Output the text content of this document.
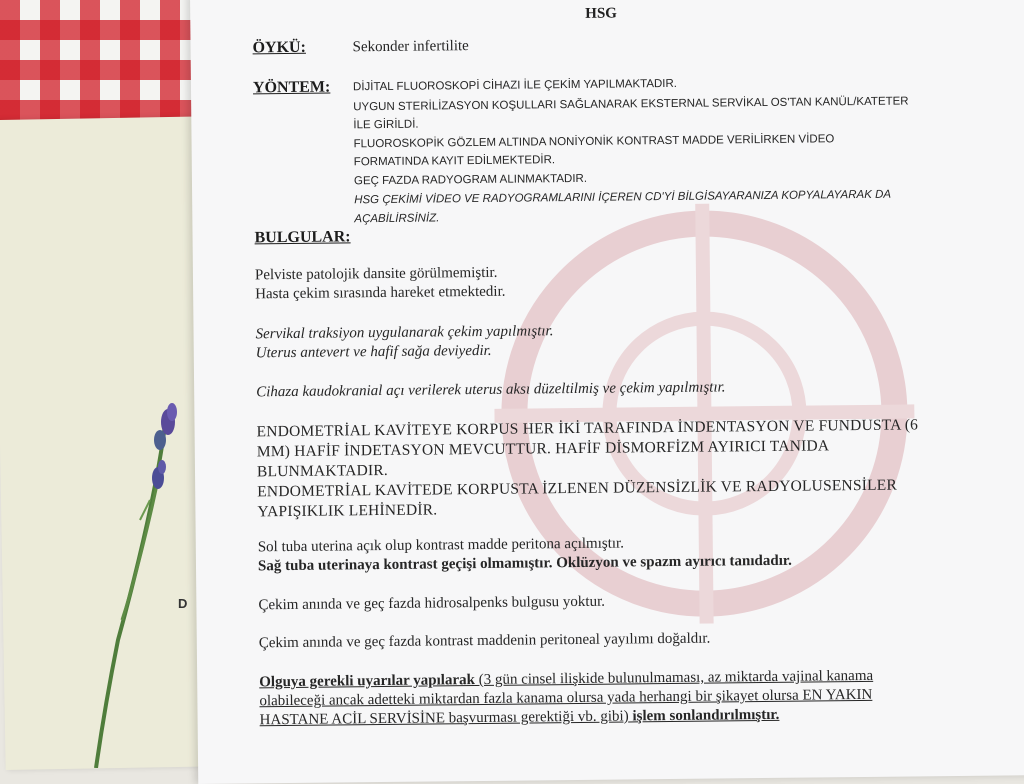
D
HSG
ÖYKÜ:	Sekonder infertilite
YÖNTEM: DİJİTAL FLUOROSKOPİ CİHAZI İLE ÇEKİM YAPILMAKTADIR.
UYGUN STERİLİZASYON KOŞULLARI SAĞLANARAK EKSTERNAL SERVİKAL OS'TAN KANÜL/KATETER
İLE GİRİLDİ.
FLUOROSKOPİK GÖZLEM ALTINDA NONİYONİK KONTRAST MADDE VERİLİRKEN VİDEO
FORMATINDA KAYIT EDİLMEKTEDİR.
GEÇ FAZDA RADYOGRAM ALINMAKTADIR.
HSG ÇEKİMİ VİDEO VE RADYOGRAMLARINI İÇEREN CD'Yİ BİLGİSAYARANIZA KOPYALAYARAK DA
AÇABİLİRSİNİZ.
BULGULAR:
Pelviste patolojik dansite görülmemiştir.
Hasta çekim sırasında hareket etmektedir.
Servikal traksiyon uygulanarak çekim yapılmıştır.
Uterus antevert ve hafif sağa deviyedir.
Cihaza kaudokranial açı verilerek uterus aksı düzeltilmiş ve çekim yapılmıştır.
ENDOMETRİAL KAVİTEYE KORPUS HER İKİ TARAFINDA İNDENTASYON VE FUNDUSTA (6
MM) HAFİF İNDETASYON MEVCUTTUR. HAFİF DİSMORFİZM AYIRICI TANIDA
BLUNMAKTADIR.
ENDOMETRİAL KAVİTEDE KORPUSTA İZLENEN DÜZENSİZLİK VE RADYOLUSENSİLER
YAPIŞIKLIK LEHİNEDİR.
Sol tuba uterina açık olup kontrast madde peritona açılmıştır.
Sağ tuba uterinaya kontrast geçişi olmamıştır. Oklüzyon ve spazm ayırıcı tanıdadır.
Çekim anında ve geç fazda hidrosalpenks bulgusu yoktur.
Çekim anında ve geç fazda kontrast maddenin peritoneal yayılımı doğaldır.
Olguya gerekli uyarılar yapılarak (3 gün cinsel ilişkide bulunulmaması, az miktarda vajinal kanama
olabileceği ancak adetteki miktardan fazla kanama olursa yada herhangi bir şikayet olursa EN YAKIN
HASTANE ACİL SERVİSİNE başvurması gerektiği vb. gibi) işlem sonlandırılmıştır.
